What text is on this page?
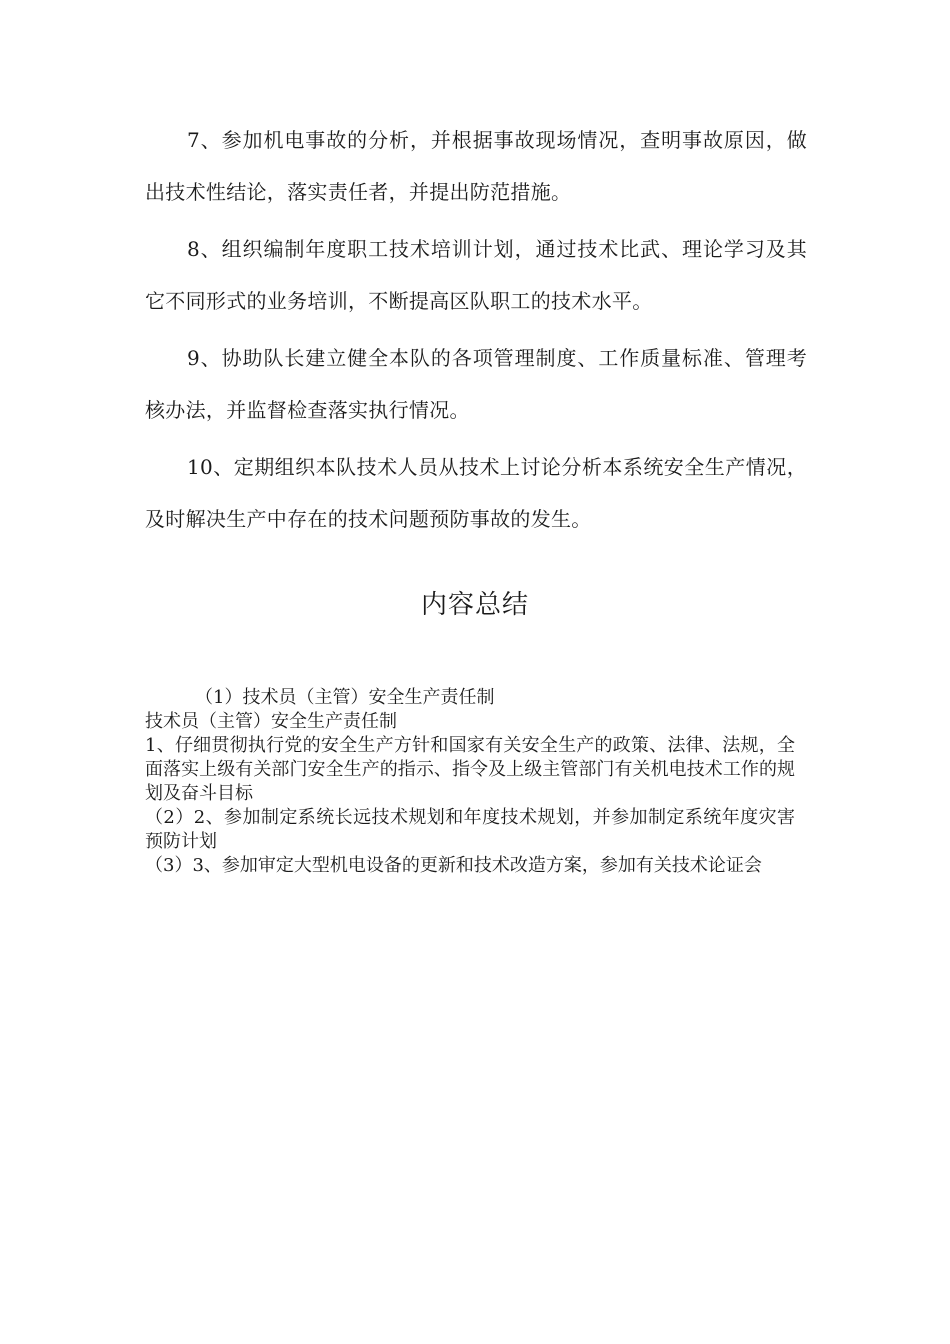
7、参加机电事故的分析，并根据事故现场情况，查明事故原因，做出技术性结论，落实责任者，并提出防范措施。

8、组织编制年度职工技术培训计划，通过技术比武、理论学习及其它不同形式的业务培训，不断提高区队职工的技术水平。

9、协助队长建立健全本队的各项管理制度、工作质量标准、管理考核办法，并监督检查落实执行情况。

10、定期组织本队技术人员从技术上讨论分析本系统安全生产情况，及时解决生产中存在的技术问题预防事故的发生。

内容总结

（1）技术员（主管）安全生产责任制

技术员（主管）安全生产责任制

1、仔细贯彻执行党的安全生产方针和国家有关安全生产的政策、法律、法规，全面落实上级有关部门安全生产的指示、指令及上级主管部门有关机电技术工作的规划及奋斗目标

（2）2、参加制定系统长远技术规划和年度技术规划，并参加制定系统年度灾害预防计划

（3）3、参加审定大型机电设备的更新和技术改造方案，参加有关技术论证会
